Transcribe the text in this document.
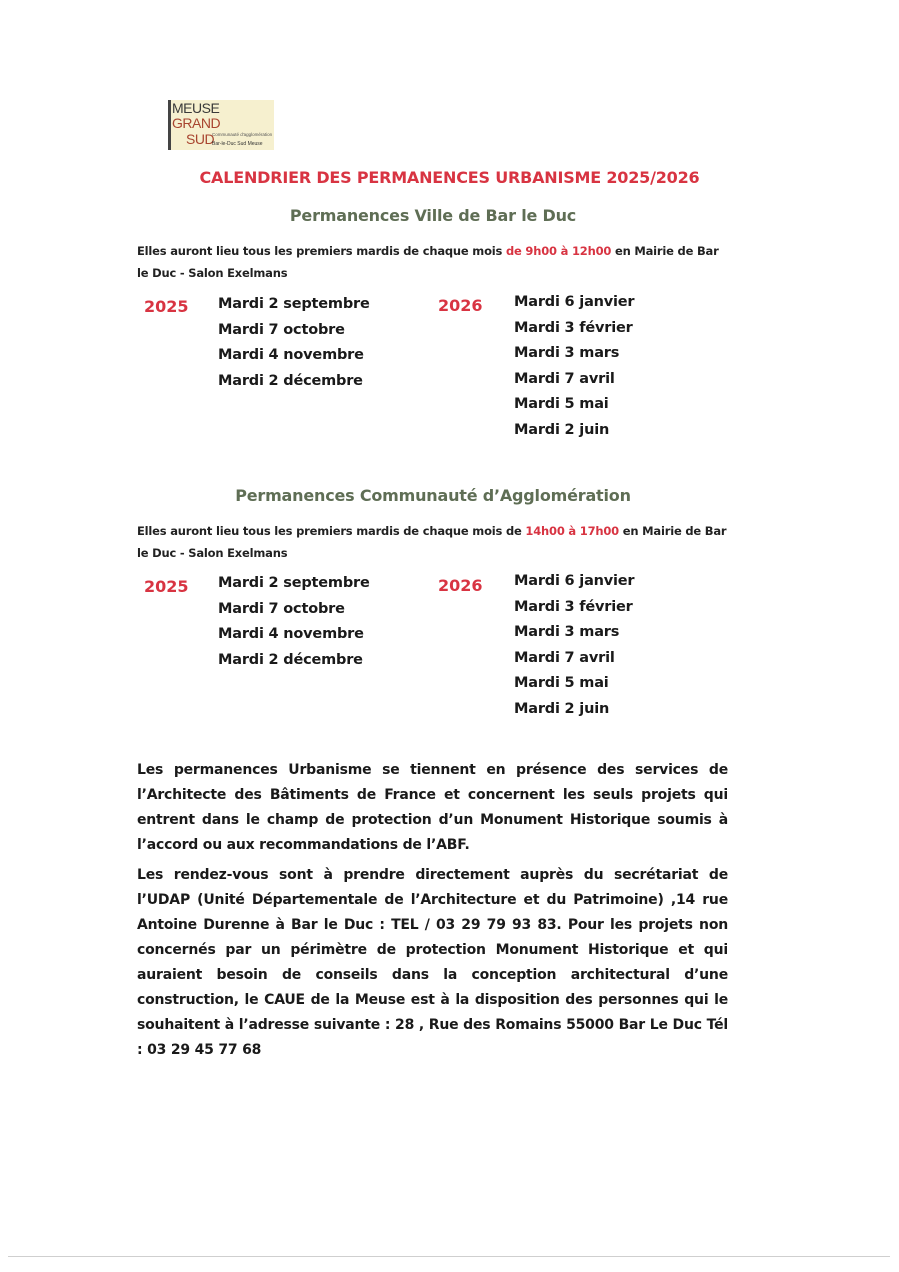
MEUSE
GRAND
SUD
Communauté d'agglomération
Bar-le-Duc Sud Meuse
CALENDRIER DES PERMANENCES URBANISME 2025/2026
Permanences Ville de Bar le Duc
Elles auront lieu tous les premiers mardis de chaque mois de 9h00 à 12h00 en Mairie de Bar le Duc - Salon Exelmans
2025 Mardi 2 septembre
Mardi 7 octobre
Mardi 4 novembre
Mardi 2 décembre
2026 Mardi 6 janvier
Mardi 3 février
Mardi 3 mars
Mardi 7 avril
Mardi 5 mai
Mardi 2 juin
Permanences Communauté d’Agglomération
Elles auront lieu tous les premiers mardis de chaque mois de 14h00 à 17h00 en Mairie de Bar le Duc - Salon Exelmans
2025 Mardi 2 septembre
Mardi 7 octobre
Mardi 4 novembre
Mardi 2 décembre
2026 Mardi 6 janvier
Mardi 3 février
Mardi 3 mars
Mardi 7 avril
Mardi 5 mai
Mardi 2 juin
Les permanences Urbanisme se tiennent en présence des services de l’Architecte des Bâtiments de France et concernent les seuls projets qui entrent dans le champ de protection d’un Monument Historique soumis à l’accord ou aux recommandations de l’ABF.
Les rendez-vous sont à prendre directement auprès du secrétariat de l’UDAP (Unité Départementale de l’Architecture et du Patrimoine) ,14 rue Antoine Durenne à Bar le Duc : TEL / 03 29 79 93 83. Pour les projets non concernés par un périmètre de protection Monument Historique et qui auraient besoin de conseils dans la conception architectural d’une construction, le CAUE de la Meuse est à la disposition des personnes qui le souhaitent à l’adresse suivante : 28 , Rue des Romains 55000 Bar Le Duc Tél : 03 29 45 77 68
